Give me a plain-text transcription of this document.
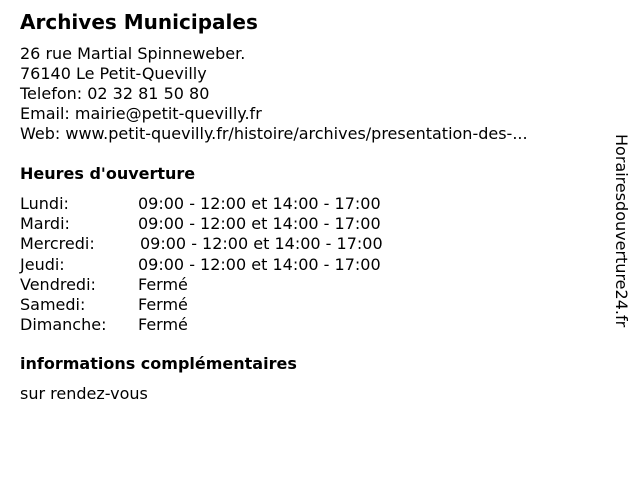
Archives Municipales
26 rue Martial Spinneweber.
76140 Le Petit-Quevilly
Telefon: 02 32 81 50 80
Email: mairie@petit-quevilly.fr
Web: www.petit-quevilly.fr/histoire/archives/presentation-des-...
Heures d'ouverture
Lundi:	09:00 - 12:00 et 14:00 - 17:00
Mardi:	09:00 - 12:00 et 14:00 - 17:00
Mercredi:	09:00 - 12:00 et 14:00 - 17:00
Jeudi:	09:00 - 12:00 et 14:00 - 17:00
Vendredi:	Fermé
Samedi:	Fermé
Dimanche: Fermé
informations complémentaires
sur rendez-vous
Horairesdouverture24.fr
